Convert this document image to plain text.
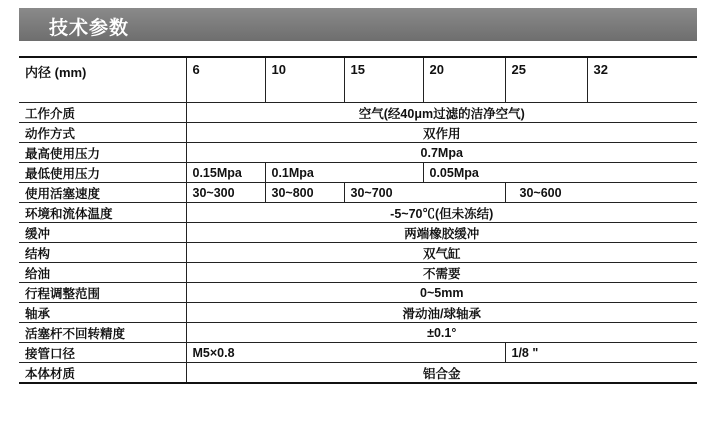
技术参数
内径 (mm)	6	10	15	20	25	32
工作介质	空气(经40μm过滤的洁净空气)					
动作方式	双作用					
最高使用压力	0.7Mpa					
最低使用压力	0.15Mpa	0.1Mpa		0.05Mpa		
使用活塞速度	30~300	30~800	30~700		30~600	
环境和流体温度	-5~70℃(但未冻结)					
缓冲	两端橡胶缓冲					
结构	双气缸					
给油	不需要					
行程调整范围	0~5mm					
轴承	滑动油/球轴承					
活塞杆不回转精度	±0.1°					
接管口径	M5×0.8				1/8 "	
本体材质	铝合金					
